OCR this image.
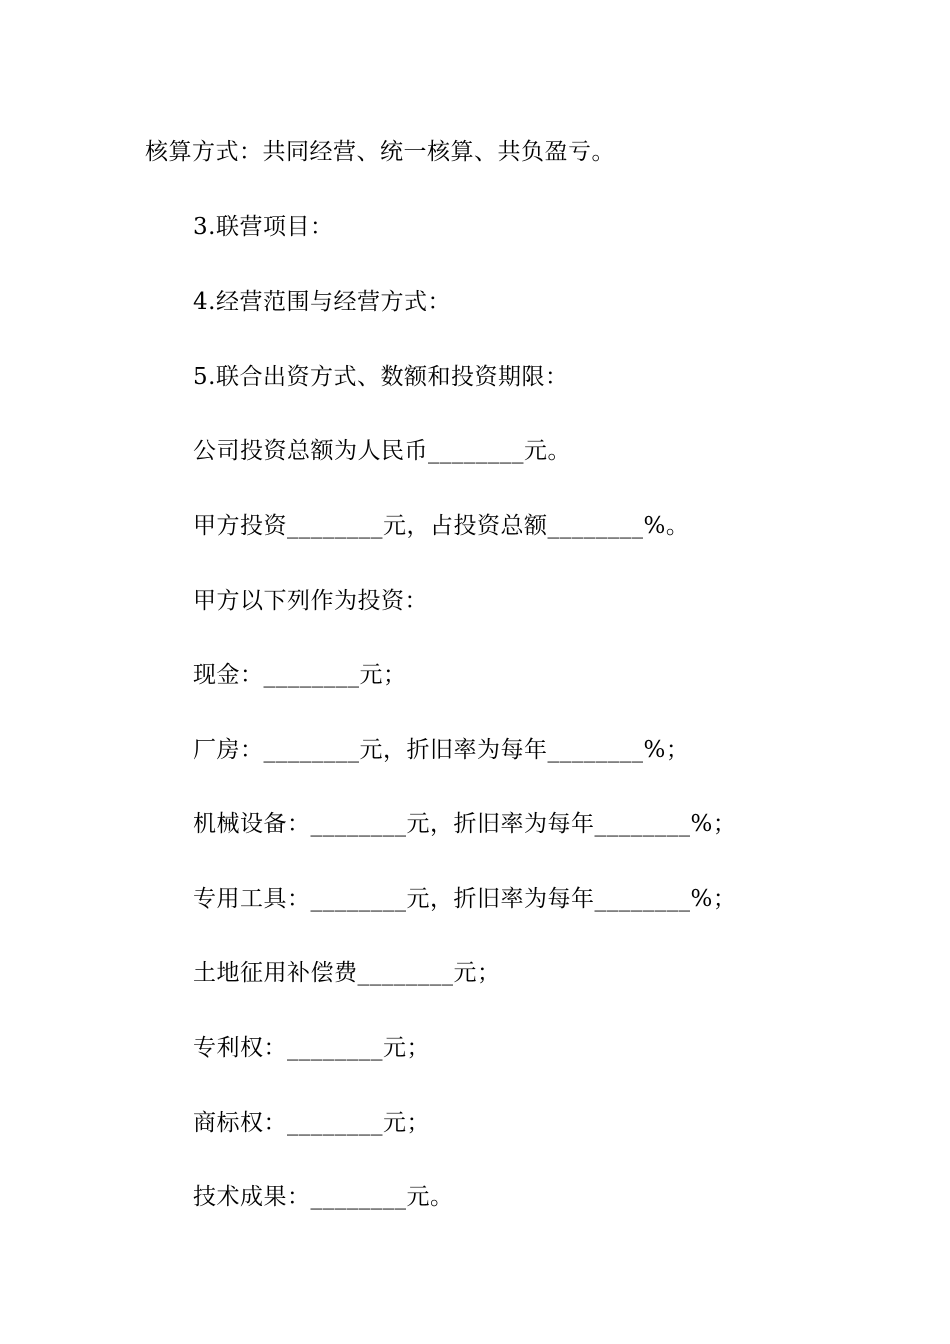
核算方式：共同经营、统一核算、共负盈亏。
3.联营项目：
4.经营范围与经营方式：
5.联合出资方式、数额和投资期限：
公司投资总额为人民币________元。
甲方投资________元，占投资总额________%。
甲方以下列作为投资：
现金：________元；
厂房：________元，折旧率为每年________%；
机械设备：________元，折旧率为每年________%；
专用工具：________元，折旧率为每年________%；
土地征用补偿费________元；
专利权：________元；
商标权：________元；
技术成果：________元。
